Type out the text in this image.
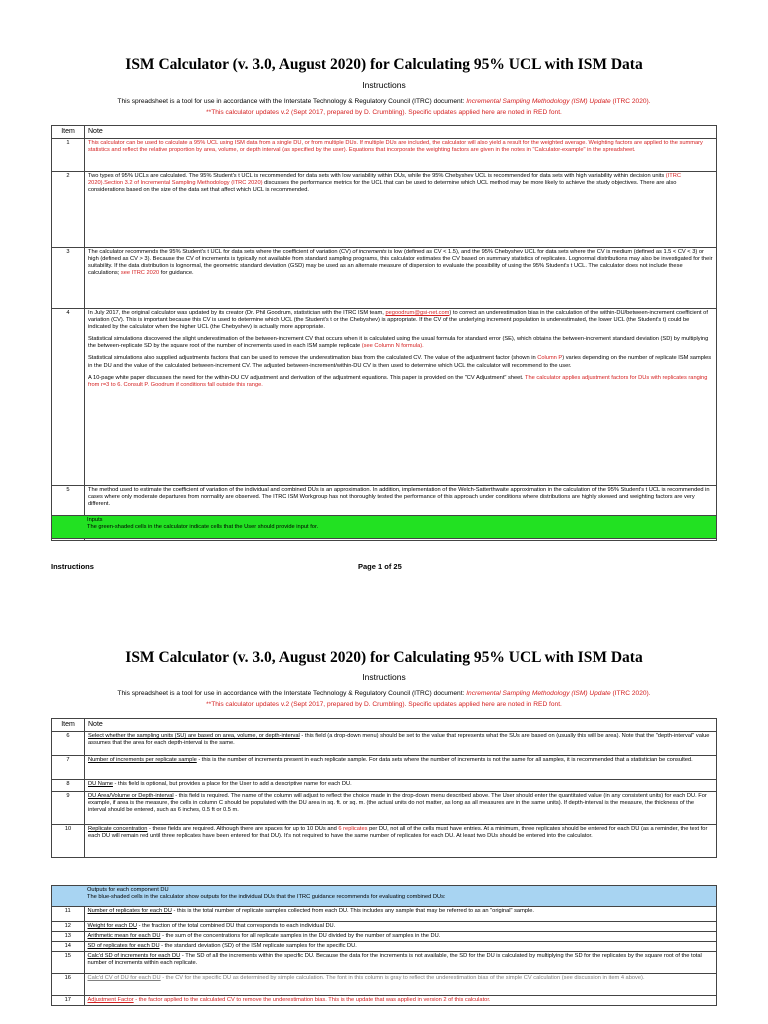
ISM Calculator (v. 3.0, August 2020) for Calculating 95% UCL with ISM Data
Instructions
This spreadsheet is a tool for use in accordance with the Interstate Technology & Regulatory Council (ITRC) document: Incremental Sampling Methodology (ISM) Update (ITRC 2020).
**This calculator updates v.2 (Sept 2017, prepared by D. Crumbling). Specific updates applied here are noted in RED font.
Item	Note
1	This calculator can be used to calculate a 95% UCL using ISM data from a single DU, or from multiple DUs. If multiple DUs are included, the calculator will also yield a result for the weighted average. Weighting factors are applied to the summary statistics and reflect the relative proportion by area, volume, or depth interval (as specified by the user). Equations that incorporate the weighting factors are given in the notes in "Calculator-example" in the spreadsheet.
2	Two types of 95% UCLs are calculated. The 95% Student's t UCL is recommended for data sets with low variability within DUs, while the 95% Chebyshev UCL is recommended for data sets with high variability within decision units (ITRC 2020).Section 3.2 of Incremental Sampling Methodology (ITRC 2020) discusses the performance metrics for the UCL that can be used to determine which UCL method may be more likely to achieve the study objectives. There are also considerations based on the size of the data set that affect which UCL is recommended.
3	The calculator recommends the 95% Student's t UCL for data sets where the coefficient of variation (CV) of increments is low (defined as CV < 1.5), and the 95% Chebyshev UCL for data sets where the CV is medium (defined as 1.5 < CV < 3) or high (defined as CV > 3). Because the CV of increments is typically not available from standard sampling programs, this calculator estimates the CV based on summary statistics of replicates. Lognormal distributions may also be investigated for their suitability. If the data distribution is lognormal, the geometric standard deviation (GSD) may be used as an alternate measure of dispersion to evaluate the possibility of using the 95% Student's t UCL. The calculator does not include these calculations; see ITRC 2020 for guidance.
4	In July 2017, the original calculator was updated by its creator (Dr. Phil Goodrum, statistician with the ITRC ISM team, pegoodrum@gsi-net.com) to correct an underestimation bias in the calculation of the within-DU/between-increment coefficient of variation (CV). This is important because this CV is used to determine which UCL (the Student's t or the Chebyshev) is appropriate. If the CV of the underlying increment population is underestimated, the lower UCL (the Student's t) could be indicated by the calculator when the higher UCL (the Chebyshev) is actually more appropriate.

Statistical simulations discovered the slight underestimation of the between-increment CV that occurs when it is calculated using the usual formula for standard error (SE), which obtains the between-increment standard deviation (SD) by multiplying the between-replicate SD by the square root of the number of increments used in each ISM sample replicate (see Column N formula).

Statistical simulations also supplied adjustments factors that can be used to remove the underestimation bias from the calculated CV. The value of the adjustment factor (shown in Column P) varies depending on the number of replicate ISM samples in the DU and the value of the calculated between-increment CV. The adjusted between-increment/within-DU CV is then used to determine which UCL the calculator will recommend to the user.

A 10-page white paper discusses the need for the within-DU CV adjustment and derivation of the adjustment equations. This paper is provided on the "CV Adjustment" sheet. The calculator applies adjustment factors for DUs with replicates ranging from r=3 to 6. Consult P. Goodrum if conditions fall outside this range.

5	The method used to estimate the coefficient of variation of the individual and combined DUs is an approximation. In addition, implementation of the Welch-Satterthwaite approximation in the calculation of the 95% Student's t UCL is recommended in cases where only moderate departures from normality are observed. The ITRC ISM Workgroup has not thoroughly tested the performance of this approach under conditions where distributions are highly skewed and weighting factors are very different.

Inputs
The green-shaded cells in the calculator indicate cells that the User should provide input for.
Instructions	Page 1 of 25
ISM Calculator (v. 3.0, August 2020) for Calculating 95% UCL with ISM Data
Instructions
This spreadsheet is a tool for use in accordance with the Interstate Technology & Regulatory Council (ITRC) document: Incremental Sampling Methodology (ISM) Update (ITRC 2020).
**This calculator updates v.2 (Sept 2017, prepared by D. Crumbling). Specific updates applied here are noted in RED font.
Item	Note
6	Select whether the sampling units (SU) are based on area, volume, or depth-interval - this field (a drop-down menu) should be set to the value that represents what the SUs are based on (usually this will be area). Note that the "depth-interval" value assumes that the area for each depth-interval is the same.
7	Number of increments per replicate sample - this is the number of increments present in each replicate sample. For data sets where the number of increments is not the same for all samples, it is recommended that a statistician be consulted.
8	DU Name - this field is optional, but provides a place for the User to add a descriptive name for each DU.
9	DU Area/Volume or Depth-interval - this field is required. The name of the column will adjust to reflect the choice made in the drop-down menu described above. The User should enter the quantitated value (in any consistent units) for each DU. For example, if area is the measure, the cells in column C should be populated with the DU area in sq. ft. or sq. m. (the actual units do not matter, as long as all measures are in the same units). If depth-interval is the measure, the thickness of the interval should be entered, such as 6 inches, 0.5 ft or 0.5 m.
10	Replicate concentration - these fields are required. Although there are spaces for up to 10 DUs and 6 replicates per DU, not all of the cells must have entries. At a minimum, three replicates should be entered for each DU (as a reminder, the text for each DU will remain red until three replicates have been entered for that DU). It's not required to have the same number of replicates for each DU. At least two DUs should be entered into the calculator.

	Outputs for each component DU
The blue-shaded cells in the calculator show outputs for the individual DUs that the ITRC guidance recommends for evaluating combined DUs:

11	Number of replicates for each DU - this is the total number of replicate samples collected from each DU. This includes any sample that may be referred to as an "original" sample.
12	Weight for each DU - the fraction of the total combined DU that corresponds to each individual DU.
13	Arithmetic mean for each DU - the sum of the concentrations for all replicate samples in the DU divided by the number of samples in the DU.
14	SD of replicates for each DU - the standard deviation (SD) of the ISM replicate samples for the specific DU.
15	Calc'd SD of increments for each DU - The SD of all the increments within the specific DU. Because the data for the increments is not available, the SD for the DU is calculated by multiplying the SD for the replicates by the square root of the total number of increments within each replicate.
16	Calc'd CV of DU for each DU - the CV for the specific DU as determined by simple calculation. The font in this column is gray to reflect the underestimation bias of the simple CV calculation (see discussion in item 4 above).
17	Adjustment Factor - the factor applied to the calculated CV to remove the underestimation bias. This is the update that was applied in version 2 of this calculator.
